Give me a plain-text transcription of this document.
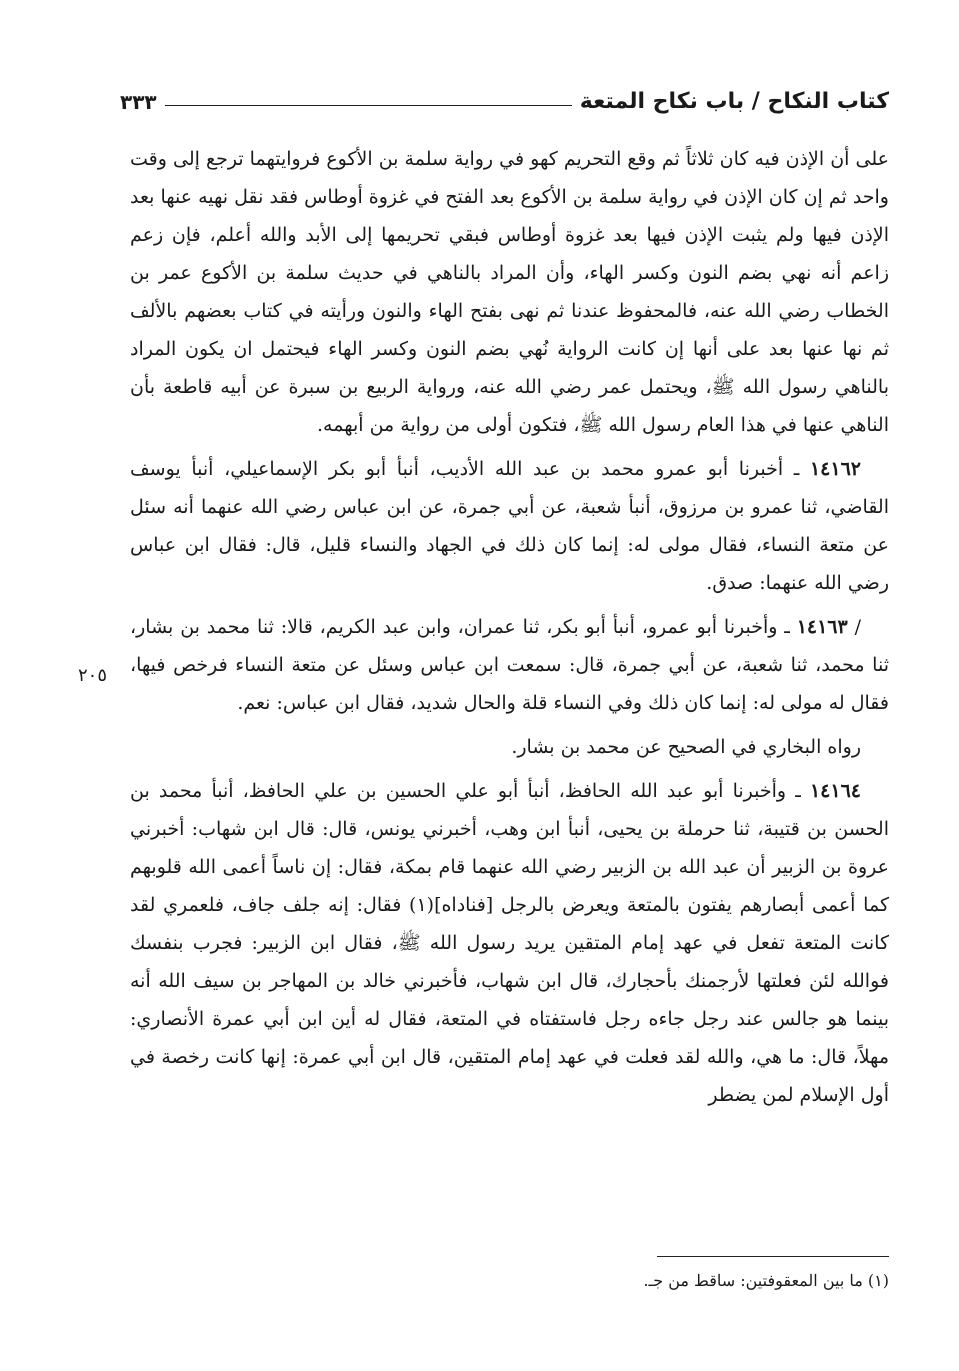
كتاب النكاح / باب نكاح المتعة
٣٣٣
٢٠٥

على أن الإذن فيه كان ثلاثاً ثم وقع التحريم كهو في رواية سلمة بن الأكوع فروايتهما ترجع إلى وقت واحد ثم إن كان الإذن في رواية سلمة بن الأكوع بعد الفتح في غزوة أوطاس فقد نقل نهيه عنها بعد الإذن فيها ولم يثبت الإذن فيها بعد غزوة أوطاس فبقي تحريمها إلى الأبد والله أعلم، فإن زعم زاعم أنه نهي بضم النون وكسر الهاء، وأن المراد بالناهي في حديث سلمة بن الأكوع عمر بن الخطاب رضي الله عنه، فالمحفوظ عندنا ثم نهى بفتح الهاء والنون ورأيته في كتاب بعضهم بالألف ثم نها عنها بعد على أنها إن كانت الرواية نُهي بضم النون وكسر الهاء فيحتمل ان يكون المراد بالناهي رسول الله ﷺ، ويحتمل عمر رضي الله عنه، ورواية الربيع بن سبرة عن أبيه قاطعة بأن الناهي عنها في هذا العام رسول الله ﷺ، فتكون أولى من رواية من أبهمه.

١٤١٦٢ ـ أخبرنا أبو عمرو محمد بن عبد الله الأديب، أنبأ أبو بكر الإسماعيلي، أنبأ يوسف القاضي، ثنا عمرو بن مرزوق، أنبأ شعبة، عن أبي جمرة، عن ابن عباس رضي الله عنهما أنه سئل عن متعة النساء، فقال مولى له: إنما كان ذلك في الجهاد والنساء قليل، قال: فقال ابن عباس رضي الله عنهما: صدق.

/ ١٤١٦٣ ـ وأخبرنا أبو عمرو، أنبأ أبو بكر، ثنا عمران، وابن عبد الكريم، قالا: ثنا محمد بن بشار، ثنا محمد، ثنا شعبة، عن أبي جمرة، قال: سمعت ابن عباس وسئل عن متعة النساء فرخص فيها، فقال له مولى له: إنما كان ذلك وفي النساء قلة والحال شديد، فقال ابن عباس: نعم.

رواه البخاري في الصحيح عن محمد بن بشار.

١٤١٦٤ ـ وأخبرنا أبو عبد الله الحافظ، أنبأ أبو علي الحسين بن علي الحافظ، أنبأ محمد بن الحسن بن قتيبة، ثنا حرملة بن يحيى، أنبأ ابن وهب، أخبرني يونس، قال: قال ابن شهاب: أخبرني عروة بن الزبير أن عبد الله بن الزبير رضي الله عنهما قام بمكة، فقال: إن ناساً أعمى الله قلوبهم كما أعمى أبصارهم يفتون بالمتعة ويعرض بالرجل [فناداه](١) فقال: إنه جلف جاف، فلعمري لقد كانت المتعة تفعل في عهد إمام المتقين يريد رسول الله ﷺ، فقال ابن الزبير: فجرب بنفسك فوالله لئن فعلتها لأرجمنك بأحجارك، قال ابن شهاب، فأخبرني خالد بن المهاجر بن سيف الله أنه بينما هو جالس عند رجل جاءه رجل فاستفتاه في المتعة، فقال له أين ابن أبي عمرة الأنصاري: مهلاً، قال: ما هي، والله لقد فعلت في عهد إمام المتقين، قال ابن أبي عمرة: إنها كانت رخصة في أول الإسلام لمن يضطر

(١) ما بين المعقوفتين: ساقط من جـ.
